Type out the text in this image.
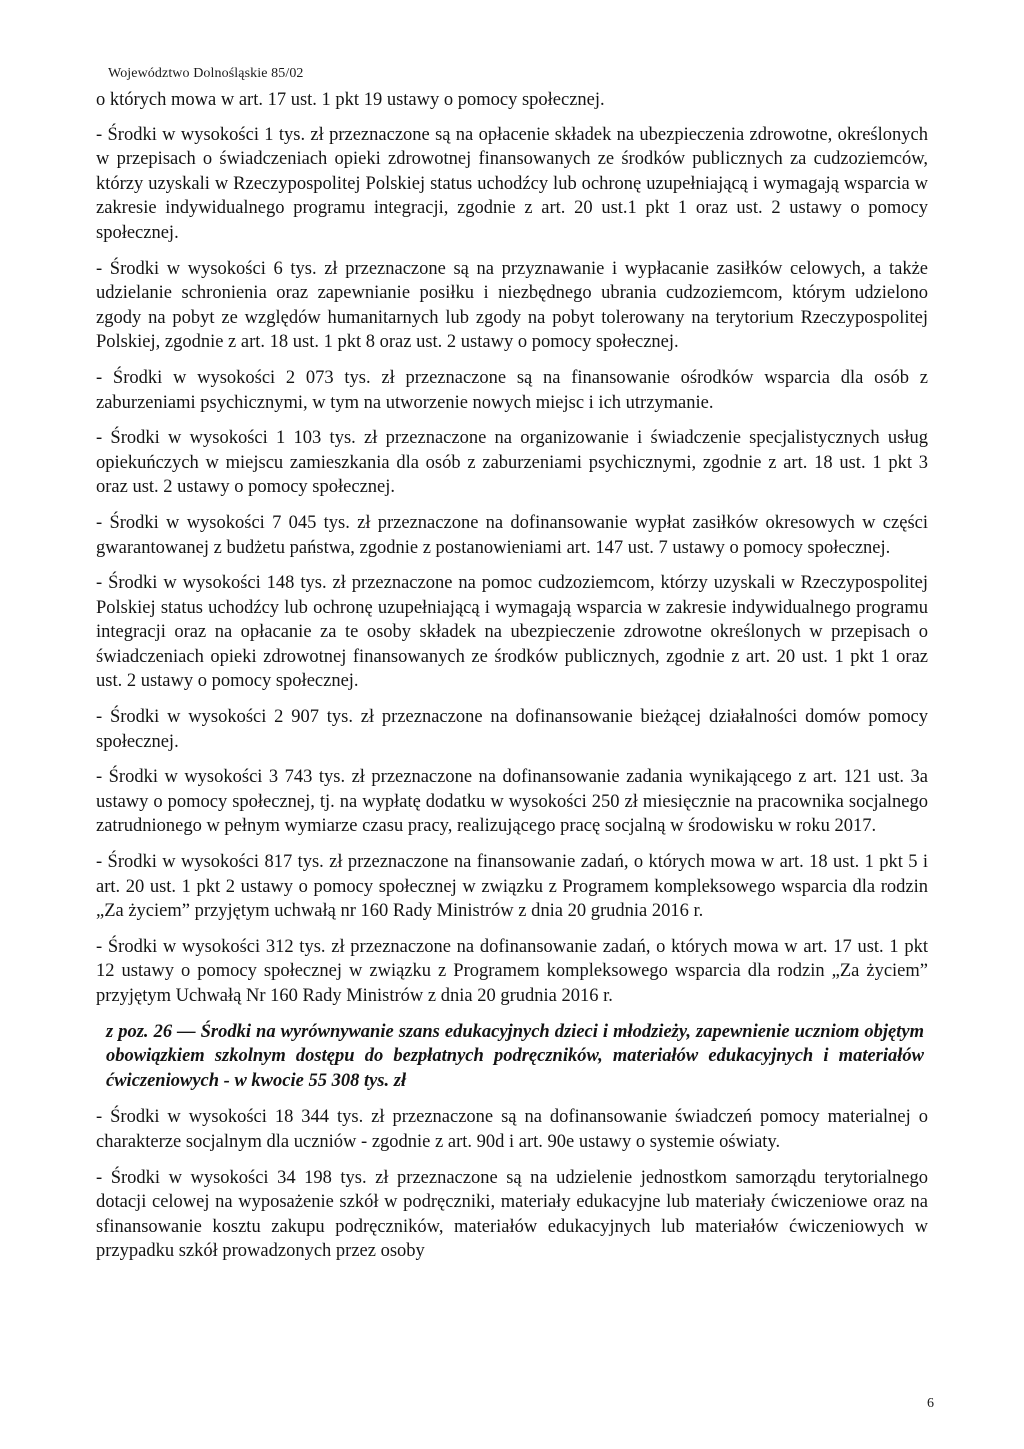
Województwo Dolnośląskie 85/02

o których mowa w art. 17 ust. 1 pkt 19 ustawy o pomocy społecznej.

- Środki w wysokości 1 tys. zł przeznaczone są na opłacenie składek na ubezpieczenia zdrowotne, określonych w przepisach o świadczeniach opieki zdrowotnej finansowanych ze środków publicznych za cudzoziemców, którzy uzyskali w Rzeczypospolitej Polskiej status uchodźcy lub ochronę uzupełniającą i wymagają wsparcia w zakresie indywidualnego programu integracji, zgodnie z art. 20 ust.1 pkt 1 oraz ust. 2 ustawy o pomocy społecznej.

- Środki w wysokości 6 tys. zł przeznaczone są na przyznawanie i wypłacanie zasiłków celowych, a także udzielanie schronienia oraz zapewnianie posiłku i niezbędnego ubrania cudzoziemcom, którym udzielono zgody na pobyt ze względów humanitarnych lub zgody na pobyt tolerowany na terytorium Rzeczypospolitej Polskiej, zgodnie z art. 18 ust. 1 pkt 8 oraz ust. 2 ustawy o pomocy społecznej.

- Środki w wysokości 2 073 tys. zł przeznaczone są na finansowanie ośrodków wsparcia dla osób z zaburzeniami psychicznymi, w tym na utworzenie nowych miejsc i ich utrzymanie.

- Środki w wysokości 1 103 tys. zł przeznaczone na organizowanie i świadczenie specjalistycznych usług opiekuńczych w miejscu zamieszkania dla osób z zaburzeniami psychicznymi, zgodnie z art. 18 ust. 1 pkt 3 oraz ust. 2 ustawy o pomocy społecznej.

- Środki w wysokości 7 045 tys. zł przeznaczone na dofinansowanie wypłat zasiłków okresowych w części gwarantowanej z budżetu państwa, zgodnie z postanowieniami art. 147 ust. 7 ustawy o pomocy społecznej.

- Środki w wysokości 148 tys. zł przeznaczone na pomoc cudzoziemcom, którzy uzyskali w Rzeczypospolitej Polskiej status uchodźcy lub ochronę uzupełniającą i wymagają wsparcia w zakresie indywidualnego programu integracji oraz na opłacanie za te osoby składek na ubezpieczenie zdrowotne określonych w przepisach o świadczeniach opieki zdrowotnej finansowanych ze środków publicznych, zgodnie z art. 20 ust. 1 pkt 1 oraz ust. 2 ustawy o pomocy społecznej.

- Środki w wysokości 2 907 tys. zł przeznaczone na dofinansowanie bieżącej działalności domów pomocy społecznej.

- Środki w wysokości 3 743 tys. zł przeznaczone na dofinansowanie zadania wynikającego z art. 121 ust. 3a ustawy o pomocy społecznej, tj. na wypłatę dodatku w wysokości 250 zł miesięcznie na pracownika socjalnego zatrudnionego w pełnym wymiarze czasu pracy, realizującego pracę socjalną w środowisku w roku 2017.

- Środki w wysokości 817 tys. zł przeznaczone na finansowanie zadań, o których mowa w art. 18 ust. 1 pkt 5 i art. 20 ust. 1 pkt 2 ustawy o pomocy społecznej w związku z Programem kompleksowego wsparcia dla rodzin „Za życiem” przyjętym uchwałą nr 160 Rady Ministrów z dnia 20 grudnia 2016 r.

- Środki w wysokości 312 tys. zł przeznaczone na dofinansowanie zadań, o których mowa w art. 17 ust. 1 pkt 12 ustawy o pomocy społecznej w związku z Programem kompleksowego wsparcia dla rodzin „Za życiem” przyjętym Uchwałą Nr 160 Rady Ministrów z dnia 20 grudnia 2016 r.

z poz. 26 — Środki na wyrównywanie szans edukacyjnych dzieci i młodzieży, zapewnienie uczniom objętym obowiązkiem szkolnym dostępu do bezpłatnych podręczników, materiałów edukacyjnych i materiałów ćwiczeniowych - w kwocie 55 308 tys. zł

- Środki w wysokości 18 344 tys. zł przeznaczone są na dofinansowanie świadczeń pomocy materialnej o charakterze socjalnym dla uczniów - zgodnie z art. 90d i art. 90e ustawy o systemie oświaty.

- Środki w wysokości 34 198 tys. zł przeznaczone są na udzielenie jednostkom samorządu terytorialnego dotacji celowej na wyposażenie szkół w podręczniki, materiały edukacyjne lub materiały ćwiczeniowe oraz na sfinansowanie kosztu zakupu podręczników, materiałów edukacyjnych lub materiałów ćwiczeniowych w przypadku szkół prowadzonych przez osoby

6
